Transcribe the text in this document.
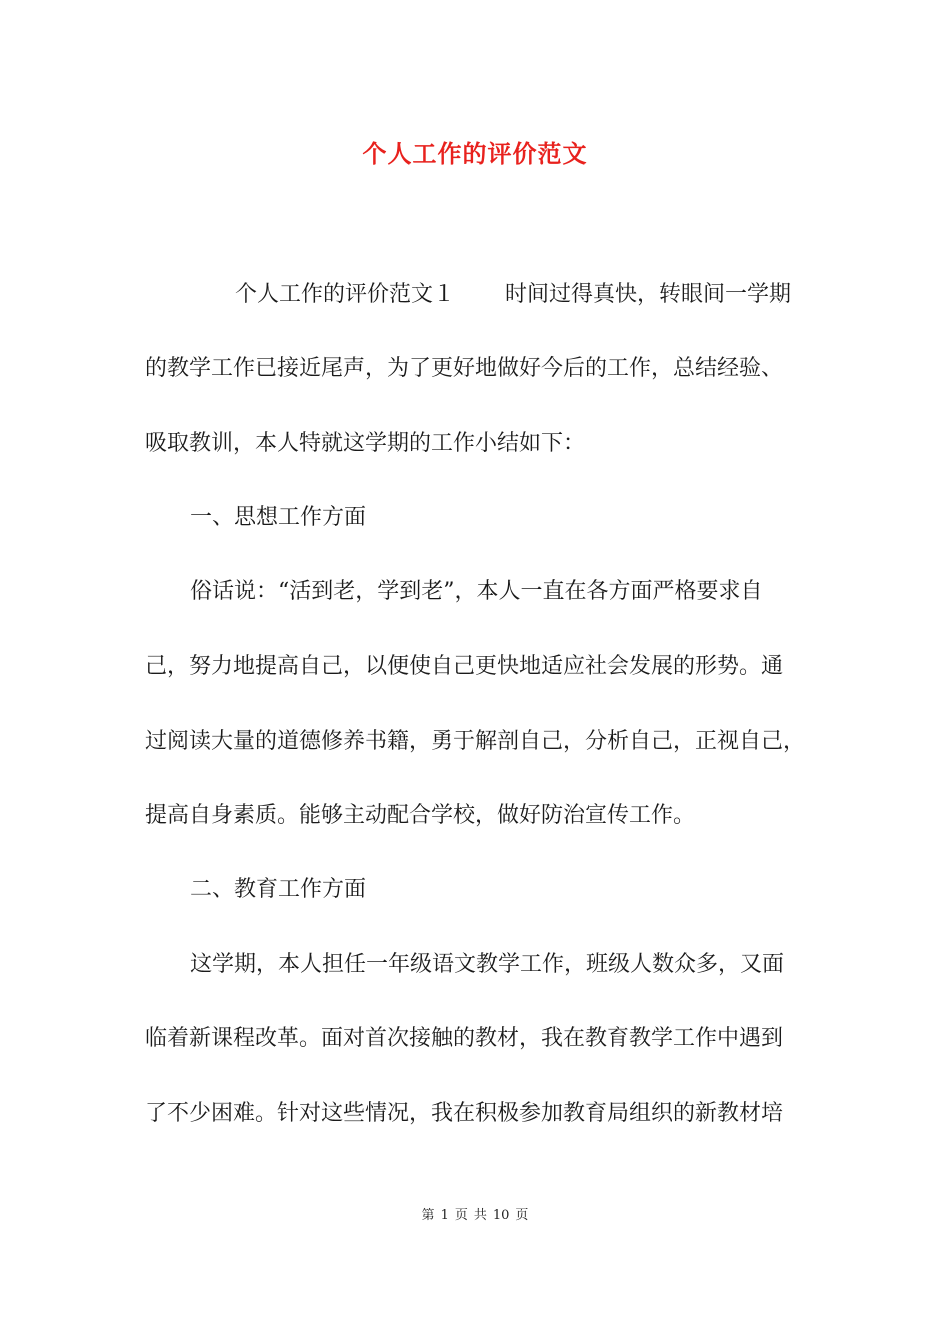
个人工作的评价范文
个人工作的评价范文１ 时间过得真快，转眼间一学期
的教学工作已接近尾声，为了更好地做好今后的工作，总结经验、
吸取教训，本人特就这学期的工作小结如下：
一、思想工作方面
俗话说：“活到老，学到老”，本人一直在各方面严格要求自
己，努力地提高自己，以便使自己更快地适应社会发展的形势。通
过阅读大量的道德修养书籍，勇于解剖自己，分析自己，正视自己，
提高自身素质。能够主动配合学校，做好防治宣传工作。
二、教育工作方面
这学期，本人担任一年级语文教学工作，班级人数众多，又面
临着新课程改革。面对首次接触的教材，我在教育教学工作中遇到
了不少困难。针对这些情况，我在积极参加教育局组织的新教材培
第 1 页 共 10 页
